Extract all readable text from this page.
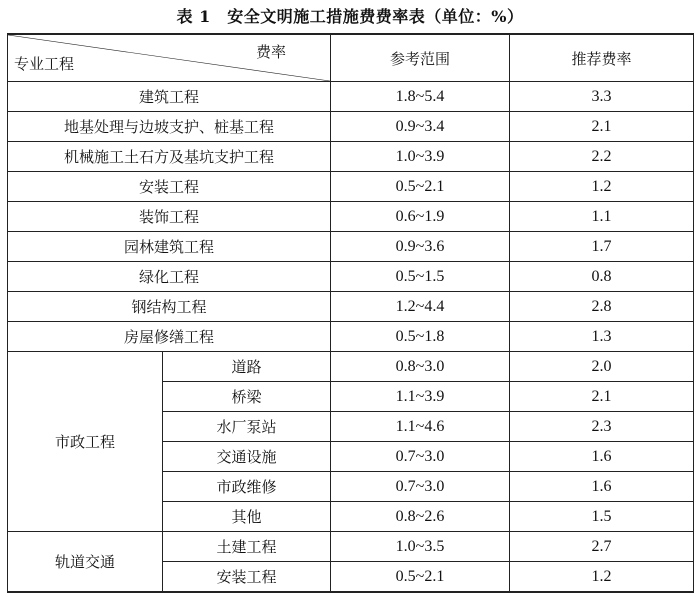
表 1　安全文明施工措施费费率表（单位：%）
专业工程
费率		参考范围	推荐费率
建筑工程		1.8~5.4	3.3
地基处理与边坡支护、桩基工程		0.9~3.4	2.1
机械施工土石方及基坑支护工程		1.0~3.9	2.2
安装工程		0.5~2.1	1.2
装饰工程		0.6~1.9	1.1
园林建筑工程		0.9~3.6	1.7
绿化工程		0.5~1.5	0.8
钢结构工程		1.2~4.4	2.8
房屋修缮工程		0.5~1.8	1.3
市政工程	道路	0.8~3.0	2.0
	桥梁	1.1~3.9	2.1
	水厂泵站	1.1~4.6	2.3
	交通设施	0.7~3.0	1.6
	市政维修	0.7~3.0	1.6
	其他	0.8~2.6	1.5
轨道交通	土建工程	1.0~3.5	2.7
	安装工程	0.5~2.1	1.2
